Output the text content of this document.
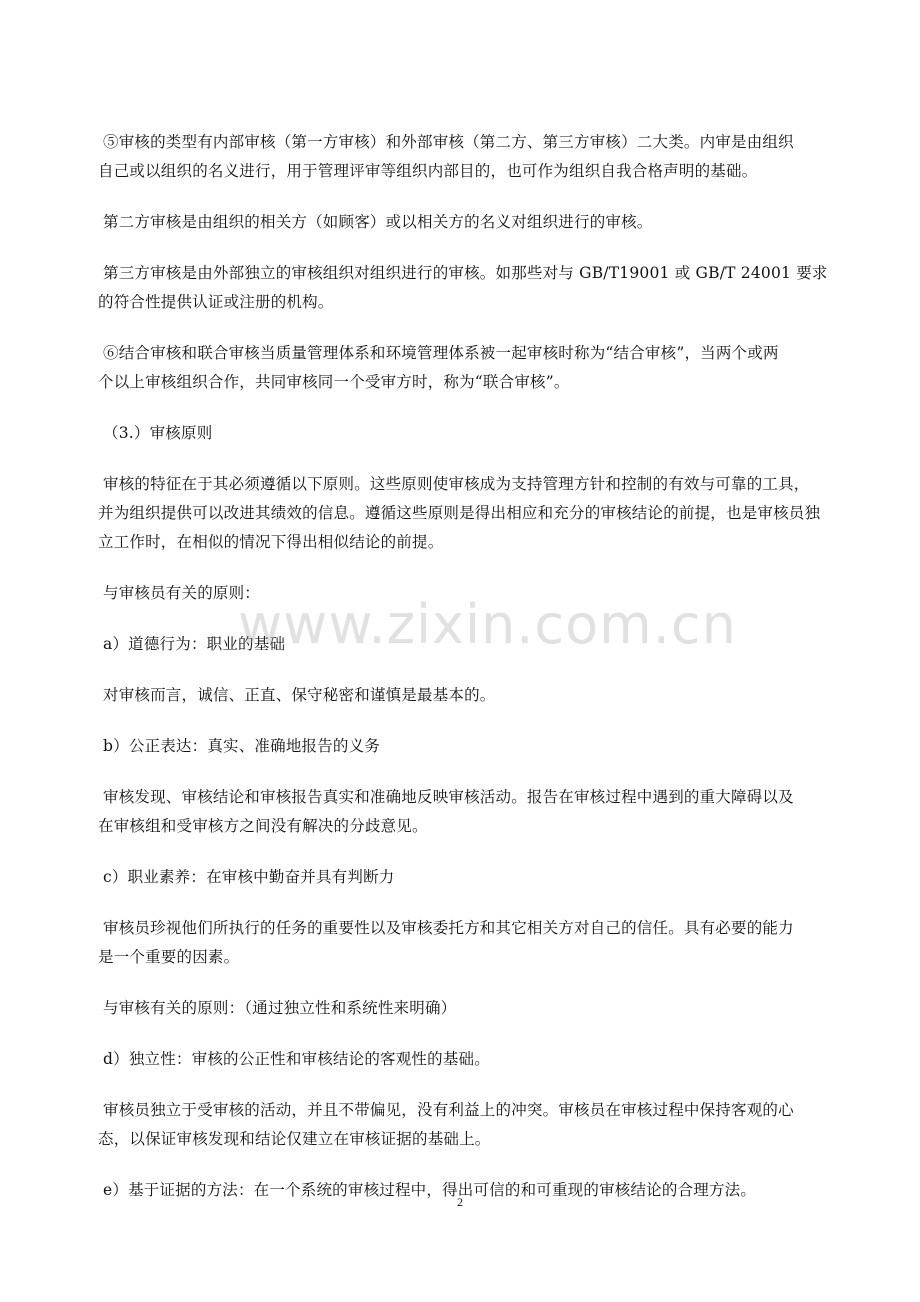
⑤审核的类型有内部审核（第一方审核）和外部审核（第二方、第三方审核）二大类。内审是由组织
自己或以组织的名义进行，用于管理评审等组织内部目的，也可作为组织自我合格声明的基础。

第二方审核是由组织的相关方（如顾客）或以相关方的名义对组织进行的审核。

第三方审核是由外部独立的审核组织对组织进行的审核。如那些对与 GB/T19001 或 GB/T 24001 要求
的符合性提供认证或注册的机构。

⑥结合审核和联合审核当质量管理体系和环境管理体系被一起审核时称为“结合审核”，当两个或两
个以上审核组织合作，共同审核同一个受审方时，称为“联合审核”。

（3.）审核原则

审核的特征在于其必须遵循以下原则。这些原则使审核成为支持管理方针和控制的有效与可靠的工具，
并为组织提供可以改进其绩效的信息。遵循这些原则是得出相应和充分的审核结论的前提，也是审核员独
立工作时，在相似的情况下得出相似结论的前提。

与审核员有关的原则：

a）道德行为：职业的基础

对审核而言，诚信、正直、保守秘密和谨慎是最基本的。

b）公正表达：真实、准确地报告的义务

审核发现、审核结论和审核报告真实和准确地反映审核活动。报告在审核过程中遇到的重大障碍以及
在审核组和受审核方之间没有解决的分歧意见。

c）职业素养：在审核中勤奋并具有判断力

审核员珍视他们所执行的任务的重要性以及审核委托方和其它相关方对自己的信任。具有必要的能力
是一个重要的因素。

与审核有关的原则：（通过独立性和系统性来明确）

d）独立性：审核的公正性和审核结论的客观性的基础。

审核员独立于受审核的活动，并且不带偏见，没有利益上的冲突。审核员在审核过程中保持客观的心
态，以保证审核发现和结论仅建立在审核证据的基础上。

e）基于证据的方法：在一个系统的审核过程中，得出可信的和可重现的审核结论的合理方法。

www.zixin.com.cn
2
